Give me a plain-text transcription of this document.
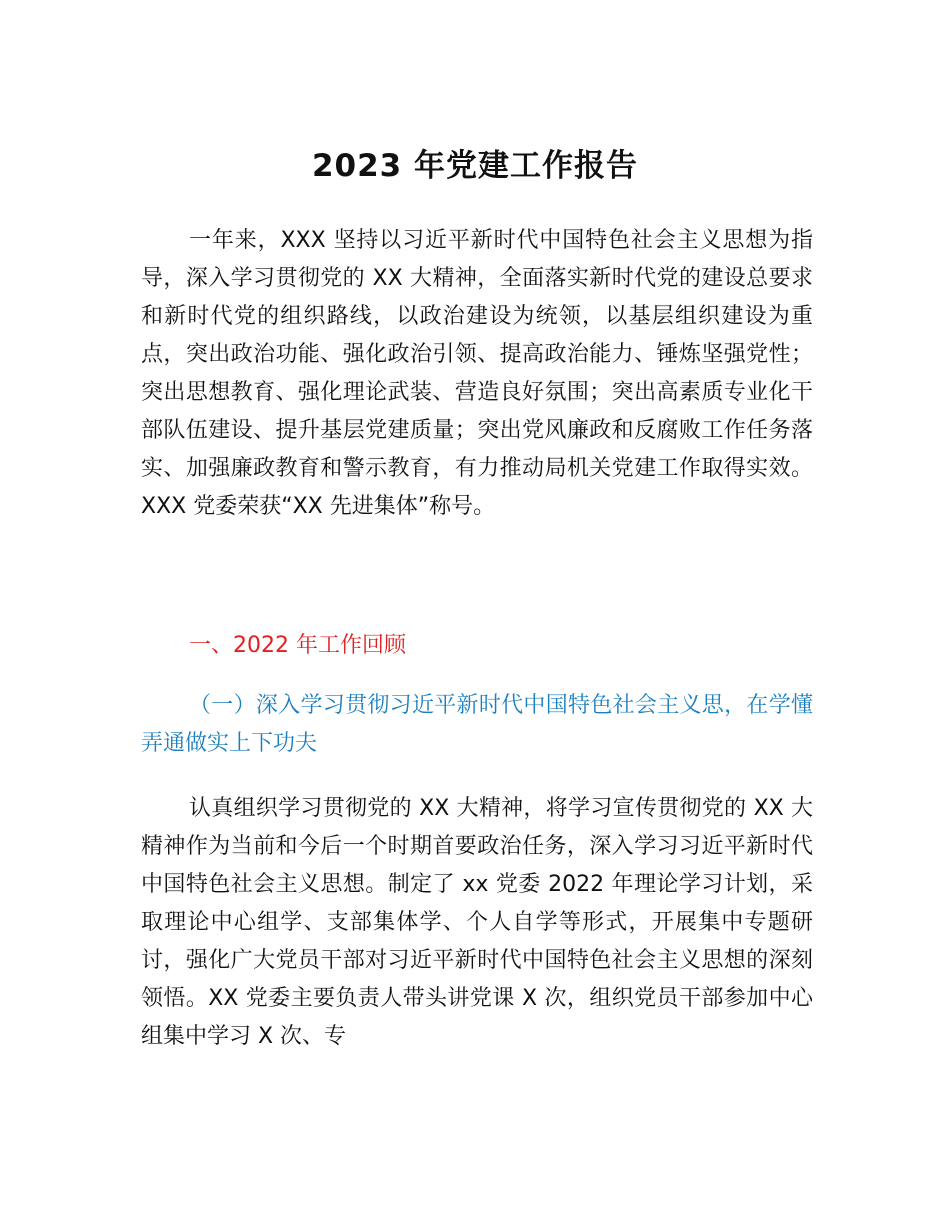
2023 年党建工作报告

一年来，XXX 坚持以习近平新时代中国特色社会主义思想为指导，深入学习贯彻党的 XX 大精神，全面落实新时代党的建设总要求和新时代党的组织路线，以政治建设为统领，以基层组织建设为重点，突出政治功能、强化政治引领、提高政治能力、锤炼坚强党性；突出思想教育、强化理论武装、营造良好氛围；突出高素质专业化干部队伍建设、提升基层党建质量；突出党风廉政和反腐败工作任务落实、加强廉政教育和警示教育，有力推动局机关党建工作取得实效。XXX 党委荣获“XX 先进集体”称号。

一、2022 年工作回顾

（一）深入学习贯彻习近平新时代中国特色社会主义思，在学懂弄通做实上下功夫

认真组织学习贯彻党的 XX 大精神，将学习宣传贯彻党的 XX 大精神作为当前和今后一个时期首要政治任务，深入学习习近平新时代中国特色社会主义思想。制定了 xx 党委 2022 年理论学习计划，采取理论中心组学、支部集体学、个人自学等形式，开展集中专题研讨，强化广大党员干部对习近平新时代中国特色社会主义思想的深刻领悟。XX 党委主要负责人带头讲党课 X 次，组织党员干部参加中心组集中学习 X 次、专
